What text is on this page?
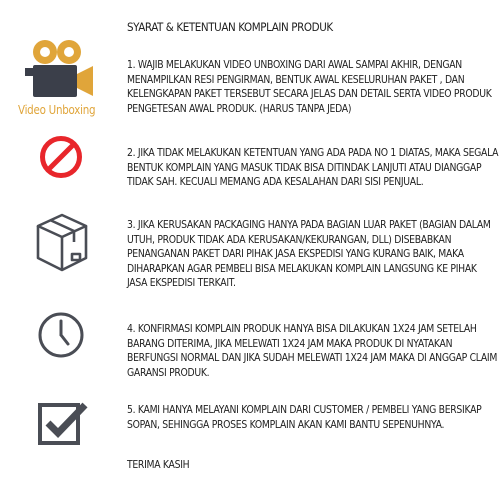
SYARAT & KETENTUAN KOMPLAIN PRODUK
Video Unboxing
1. WAJIB MELAKUKAN VIDEO UNBOXING DARI AWAL SAMPAI AKHIR, DENGAN MENAMPILKAN RESI PENGIRMAN, BENTUK AWAL KESELURUHAN PAKET , DAN KELENGKAPAN PAKET TERSEBUT SECARA JELAS DAN DETAIL SERTA VIDEO PRODUK PENGETESAN AWAL PRODUK. (HARUS TANPA JEDA)
2. JIKA TIDAK MELAKUKAN KETENTUAN YANG ADA PADA NO 1 DIATAS, MAKA SEGALA BENTUK KOMPLAIN YANG MASUK TIDAK BISA DITINDAK LANJUTI ATAU DIANGGAP TIDAK SAH. KECUALI MEMANG ADA KESALAHAN DARI SISI PENJUAL.
3. JIKA KERUSAKAN PACKAGING HANYA PADA BAGIAN LUAR PAKET (BAGIAN DALAM UTUH, PRODUK TIDAK ADA KERUSAKAN/KEKURANGAN, DLL) DISEBABKAN PENANGANAN PAKET DARI PIHAK JASA EKSPEDISI YANG KURANG BAIK, MAKA DIHARAPKAN AGAR PEMBELI BISA MELAKUKAN KOMPLAIN LANGSUNG KE PIHAK JASA EKSPEDISI TERKAIT.
4. KONFIRMASI KOMPLAIN PRODUK HANYA BISA DILAKUKAN 1X24 JAM SETELAH BARANG DITERIMA, JIKA MELEWATI 1X24 JAM MAKA PRODUK DI NYATAKAN BERFUNGSI NORMAL DAN JIKA SUDAH MELEWATI 1X24 JAM MAKA DI ANGGAP CLAIM GARANSI PRODUK.
5. KAMI HANYA MELAYANI KOMPLAIN DARI CUSTOMER / PEMBELI YANG BERSIKAP SOPAN, SEHINGGA PROSES KOMPLAIN AKAN KAMI BANTU SEPENUHNYA.
TERIMA KASIH
